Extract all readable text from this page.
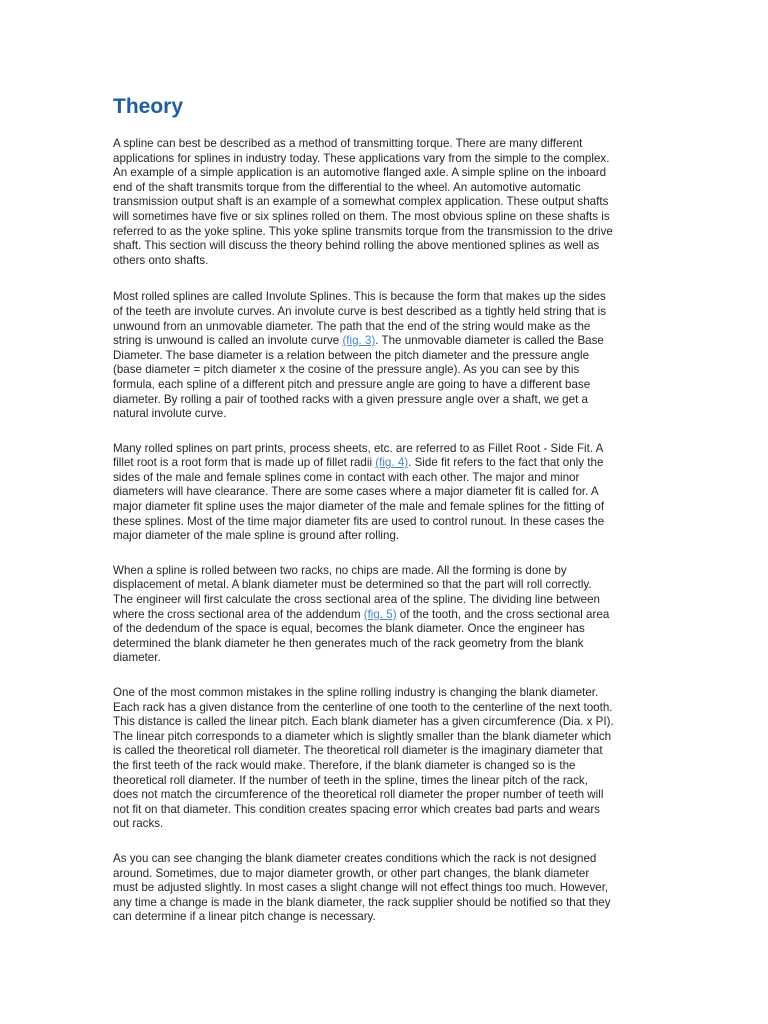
Theory
A spline can best be described as a method of transmitting torque. There are many different
applications for splines in industry today. These applications vary from the simple to the complex.
An example of a simple application is an automotive flanged axle. A simple spline on the inboard
end of the shaft transmits torque from the differential to the wheel. An automotive automatic
transmission output shaft is an example of a somewhat complex application. These output shafts
will sometimes have five or six splines rolled on them. The most obvious spline on these shafts is
referred to as the yoke spline. This yoke spline transmits torque from the transmission to the drive
shaft. This section will discuss the theory behind rolling the above mentioned splines as well as
others onto shafts.
Most rolled splines are called Involute Splines. This is because the form that makes up the sides
of the teeth are involute curves. An involute curve is best described as a tightly held string that is
unwound from an unmovable diameter. The path that the end of the string would make as the
string is unwound is called an involute curve (fig. 3). The unmovable diameter is called the Base
Diameter. The base diameter is a relation between the pitch diameter and the pressure angle
(base diameter = pitch diameter x the cosine of the pressure angle). As you can see by this
formula, each spline of a different pitch and pressure angle are going to have a different base
diameter. By rolling a pair of toothed racks with a given pressure angle over a shaft, we get a
natural involute curve.
Many rolled splines on part prints, process sheets, etc. are referred to as Fillet Root - Side Fit. A
fillet root is a root form that is made up of fillet radii (fig. 4). Side fit refers to the fact that only the
sides of the male and female splines come in contact with each other. The major and minor
diameters will have clearance. There are some cases where a major diameter fit is called for. A
major diameter fit spline uses the major diameter of the male and female splines for the fitting of
these splines. Most of the time major diameter fits are used to control runout. In these cases the
major diameter of the male spline is ground after rolling.
When a spline is rolled between two racks, no chips are made. All the forming is done by
displacement of metal. A blank diameter must be determined so that the part will roll correctly.
The engineer will first calculate the cross sectional area of the spline. The dividing line between
where the cross sectional area of the addendum (fig. 5) of the tooth, and the cross sectional area
of the dedendum of the space is equal, becomes the blank diameter. Once the engineer has
determined the blank diameter he then generates much of the rack geometry from the blank
diameter.
One of the most common mistakes in the spline rolling industry is changing the blank diameter.
Each rack has a given distance from the centerline of one tooth to the centerline of the next tooth.
This distance is called the linear pitch. Each blank diameter has a given circumference (Dia. x PI).
The linear pitch corresponds to a diameter which is slightly smaller than the blank diameter which
is called the theoretical roll diameter. The theoretical roll diameter is the imaginary diameter that
the first teeth of the rack would make. Therefore, if the blank diameter is changed so is the
theoretical roll diameter. If the number of teeth in the spline, times the linear pitch of the rack,
does not match the circumference of the theoretical roll diameter the proper number of teeth will
not fit on that diameter. This condition creates spacing error which creates bad parts and wears
out racks.
As you can see changing the blank diameter creates conditions which the rack is not designed
around. Sometimes, due to major diameter growth, or other part changes, the blank diameter
must be adjusted slightly. In most cases a slight change will not effect things too much. However,
any time a change is made in the blank diameter, the rack supplier should be notified so that they
can determine if a linear pitch change is necessary.
